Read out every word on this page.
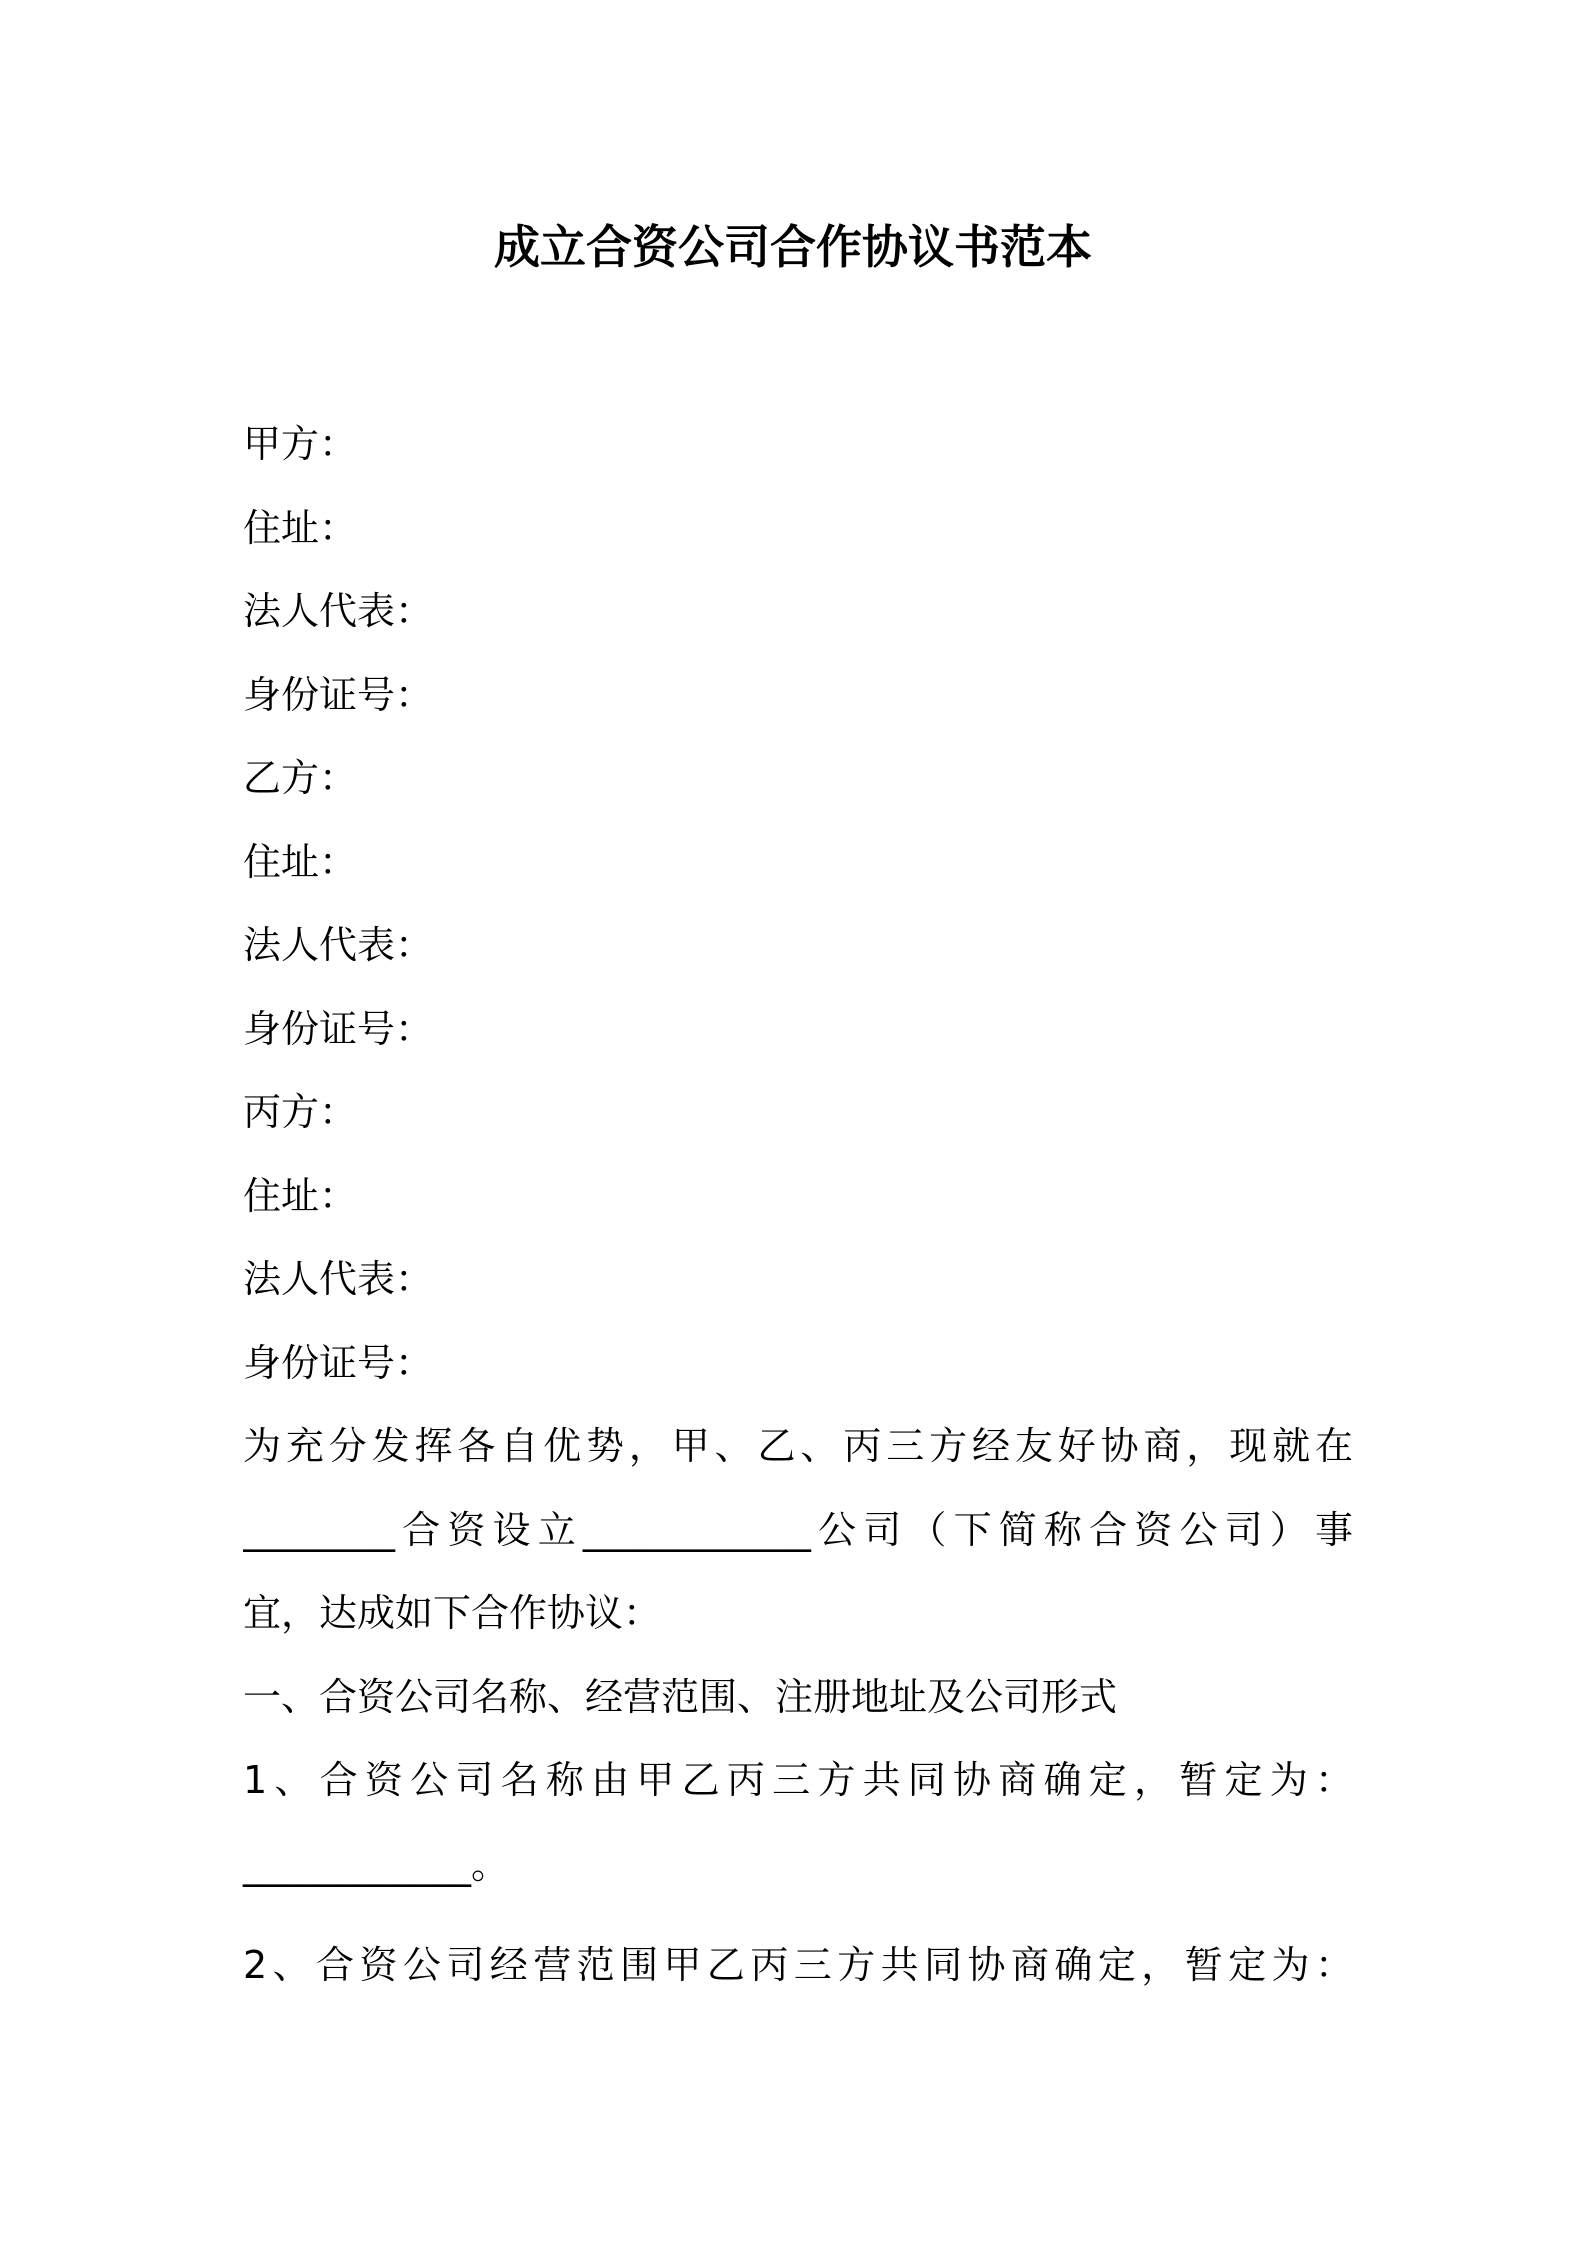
成立合资公司合作协议书范本
甲方：
住址：
法人代表：
身份证号：
乙方：
住址：
法人代表：
身份证号：
丙方：
住址：
法人代表：
身份证号：
为充分发挥各自优势，甲、乙、丙三方经友好协商，现就在
________合资设立____________公司（下简称合资公司）事
宜，达成如下合作协议：
一、合资公司名称、经营范围、注册地址及公司形式
1、合资公司名称由甲乙丙三方共同协商确定，暂定为：
____________。
2、合资公司经营范围甲乙丙三方共同协商确定，暂定为：
